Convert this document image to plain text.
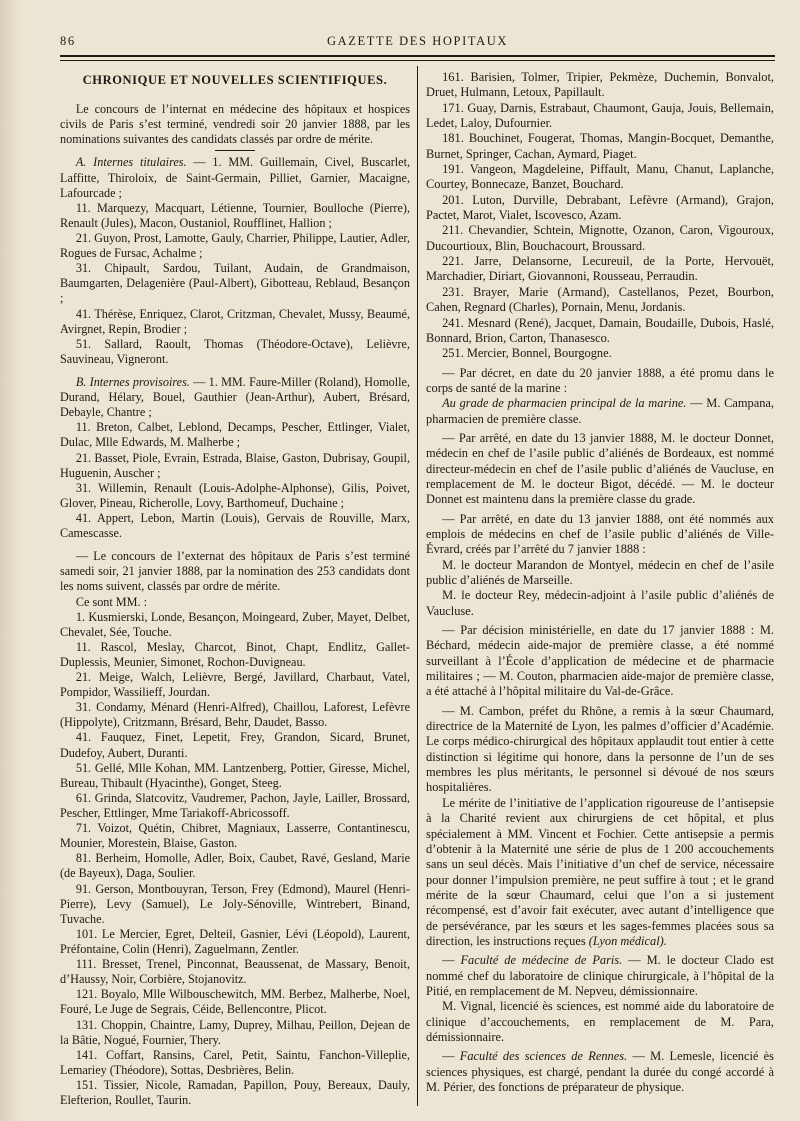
86	GAZETTE DES HOPITAUX
CHRONIQUE ET NOUVELLES SCIENTIFIQUES.

Le concours de l’internat en médecine des hôpitaux et hospices civils de Paris s’est terminé, vendredi soir 20 janvier 1888, par les nominations suivantes des candidats classés par ordre de mérite.

A. Internes titulaires. — 1. MM. Guillemain, Civel, Buscarlet, Laffitte, Thiroloix, de Saint-Germain, Pilliet, Garnier, Macaigne, Lafourcade ;

11. Marquezy, Macquart, Létienne, Tournier, Boulloche (Pierre), Renault (Jules), Macon, Oustaniol, Roufflinet, Hallion ;

21. Guyon, Prost, Lamotte, Gauly, Charrier, Philippe, Lautier, Adler, Rogues de Fursac, Achalme ;

31. Chipault, Sardou, Tuilant, Audain, de Grandmaison, Baumgarten, Delagenière (Paul-Albert), Gibotteau, Reblaud, Besançon ;

41. Thérèse, Enriquez, Clarot, Critzman, Chevalet, Mussy, Beaumé, Avirgnet, Repin, Brodier ;

51. Sallard, Raoult, Thomas (Théodore-Octave), Lelièvre, Sauvineau, Vigneront.

B. Internes provisoires. — 1. MM. Faure-Miller (Roland), Homolle, Durand, Hélary, Bouel, Gauthier (Jean-Arthur), Aubert, Brésard, Debayle, Chantre ;

11. Breton, Calbet, Leblond, Decamps, Pescher, Ettlinger, Vialet, Dulac, Mlle Edwards, M. Malherbe ;

21. Basset, Piole, Evrain, Estrada, Blaise, Gaston, Dubrisay, Goupil, Huguenin, Auscher ;

31. Willemin, Renault (Louis-Adolphe-Alphonse), Gilis, Poivet, Glover, Pineau, Richerolle, Lovy, Barthomeuf, Duchaine ;

41. Appert, Lebon, Martin (Louis), Gervais de Rouville, Marx, Camescasse.

— Le concours de l’externat des hôpitaux de Paris s’est terminé samedi soir, 21 janvier 1888, par la nomination des 253 candidats dont les noms suivent, classés par ordre de mérite.

Ce sont MM. :

1. Kusmierski, Londe, Besançon, Moingeard, Zuber, Mayet, Delbet, Chevalet, Sée, Touche.

11. Rascol, Meslay, Charcot, Binot, Chapt, Endlitz, Gallet-Duplessis, Meunier, Simonet, Rochon-Duvigneau.

21. Meige, Walch, Lelièvre, Bergé, Javillard, Charbaut, Vatel, Pompidor, Wassilieff, Jourdan.

31. Condamy, Ménard (Henri-Alfred), Chaillou, Laforest, Lefèvre (Hippolyte), Critzmann, Brésard, Behr, Daudet, Basso.

41. Fauquez, Finet, Lepetit, Frey, Grandon, Sicard, Brunet, Dudefoy, Aubert, Duranti.

51. Gellé, Mlle Kohan, MM. Lantzenberg, Pottier, Giresse, Michel, Bureau, Thibault (Hyacinthe), Gonget, Steeg.

61. Grinda, Slatcovitz, Vaudremer, Pachon, Jayle, Lailler, Brossard, Pescher, Ettlinger, Mme Tariakoff-Abricossoff.

71. Voizot, Quétin, Chibret, Magniaux, Lasserre, Contantinescu, Mounier, Morestein, Blaise, Gaston.

81. Berheim, Homolle, Adler, Boix, Caubet, Ravé, Gesland, Marie (de Bayeux), Daga, Soulier.

91. Gerson, Montbouyran, Terson, Frey (Edmond), Maurel (Henri-Pierre), Levy (Samuel), Le Joly-Sénoville, Wintrebert, Binand, Tuvache.

101. Le Mercier, Egret, Delteil, Gasnier, Lévi (Léopold), Laurent, Préfontaine, Colin (Henri), Zaguelmann, Zentler.

111. Bresset, Trenel, Pinconnat, Beaussenat, de Massary, Benoit, d’Haussy, Noir, Corbière, Stojanovitz.

121. Boyalo, Mlle Wilbouschewitch, MM. Berbez, Malherbe, Noel, Fouré, Le Juge de Segrais, Céide, Bellencontre, Plicot.

131. Choppin, Chaintre, Lamy, Duprey, Milhau, Peillon, Dejean de la Bâtie, Nogué, Fournier, Thery.

141. Coffart, Ransins, Carel, Petit, Saintu, Fanchon-Villeplie, Lemariey (Théodore), Sottas, Desbrières, Belin.

151. Tissier, Nicole, Ramadan, Papillon, Pouy, Bereaux, Dauly, Elefterion, Roullet, Taurin.

161. Barisien, Tolmer, Tripier, Pekmèze, Duchemin, Bonvalot, Druet, Hulmann, Letoux, Papillault.

171. Guay, Darnis, Estrabaut, Chaumont, Gauja, Jouis, Bellemain, Ledet, Laloy, Dufournier.

181. Bouchinet, Fougerat, Thomas, Mangin-Bocquet, Demanthe, Burnet, Springer, Cachan, Aymard, Piaget.

191. Vangeon, Magdeleine, Piffault, Manu, Chanut, Laplanche, Courtey, Bonnecaze, Banzet, Bouchard.

201. Luton, Durville, Debrabant, Lefèvre (Armand), Grajon, Pactet, Marot, Vialet, Iscovesco, Azam.

211. Chevandier, Schtein, Mignotte, Ozanon, Caron, Vigouroux, Ducourtioux, Blin, Bouchacourt, Broussard.

221. Jarre, Delansorne, Lecureuil, de la Porte, Hervouët, Marchadier, Diriart, Giovannoni, Rousseau, Perraudin.

231. Brayer, Marie (Armand), Castellanos, Pezet, Bourbon, Cahen, Regnard (Charles), Pornain, Menu, Jordanis.

241. Mesnard (René), Jacquet, Damain, Boudaille, Dubois, Haslé, Bonnard, Brion, Carton, Thanasesco.

251. Mercier, Bonnel, Bourgogne.

— Par décret, en date du 20 janvier 1888, a été promu dans le corps de santé de la marine :

Au grade de pharmacien principal de la marine. — M. Campana, pharmacien de première classe.

— Par arrêté, en date du 13 janvier 1888, M. le docteur Donnet, médecin en chef de l’asile public d’aliénés de Bordeaux, est nommé directeur-médecin en chef de l’asile public d’aliénés de Vaucluse, en remplacement de M. le docteur Bigot, décédé. — M. le docteur Donnet est maintenu dans la première classe du grade.

— Par arrêté, en date du 13 janvier 1888, ont été nommés aux emplois de médecins en chef de l’asile public d’aliénés de Ville-Évrard, créés par l’arrêté du 7 janvier 1888 :

M. le docteur Marandon de Montyel, médecin en chef de l’asile public d’aliénés de Marseille.

M. le docteur Rey, médecin-adjoint à l’asile public d’aliénés de Vaucluse.

— Par décision ministérielle, en date du 17 janvier 1888 : M. Béchard, médecin aide-major de première classe, a été nommé surveillant à l’École d’application de médecine et de pharmacie militaires ; — M. Couton, pharmacien aide-major de première classe, a été attaché à l’hôpital militaire du Val-de-Grâce.

— M. Cambon, préfet du Rhône, a remis à la sœur Chaumard, directrice de la Maternité de Lyon, les palmes d’officier d’Académie. Le corps médico-chirurgical des hôpitaux applaudit tout entier à cette distinction si légitime qui honore, dans la personne de l’un de ses membres les plus méritants, le personnel si dévoué de nos sœurs hospitalières.

Le mérite de l’initiative de l’application rigoureuse de l’antisepsie à la Charité revient aux chirurgiens de cet hôpital, et plus spécialement à MM. Vincent et Fochier. Cette antisepsie a permis d’obtenir à la Maternité une série de plus de 1 200 accouchements sans un seul décès. Mais l’initiative d’un chef de service, nécessaire pour donner l’impulsion première, ne peut suffire à tout ; et le grand mérite de la sœur Chaumard, celui que l’on a si justement récompensé, est d’avoir fait exécuter, avec autant d’intelligence que de persévérance, par les sœurs et les sages-femmes placées sous sa direction, les instructions reçues (Lyon médical).

— Faculté de médecine de Paris. — M. le docteur Clado est nommé chef du laboratoire de clinique chirurgicale, à l’hôpital de la Pitié, en remplacement de M. Nepveu, démissionnaire.

M. Vignal, licencié ès sciences, est nommé aide du laboratoire de clinique d’accouchements, en remplacement de M. Para, démissionnaire.

— Faculté des sciences de Rennes. — M. Lemesle, licencié ès sciences physiques, est chargé, pendant la durée du congé accordé à M. Périer, des fonctions de préparateur de physique.
